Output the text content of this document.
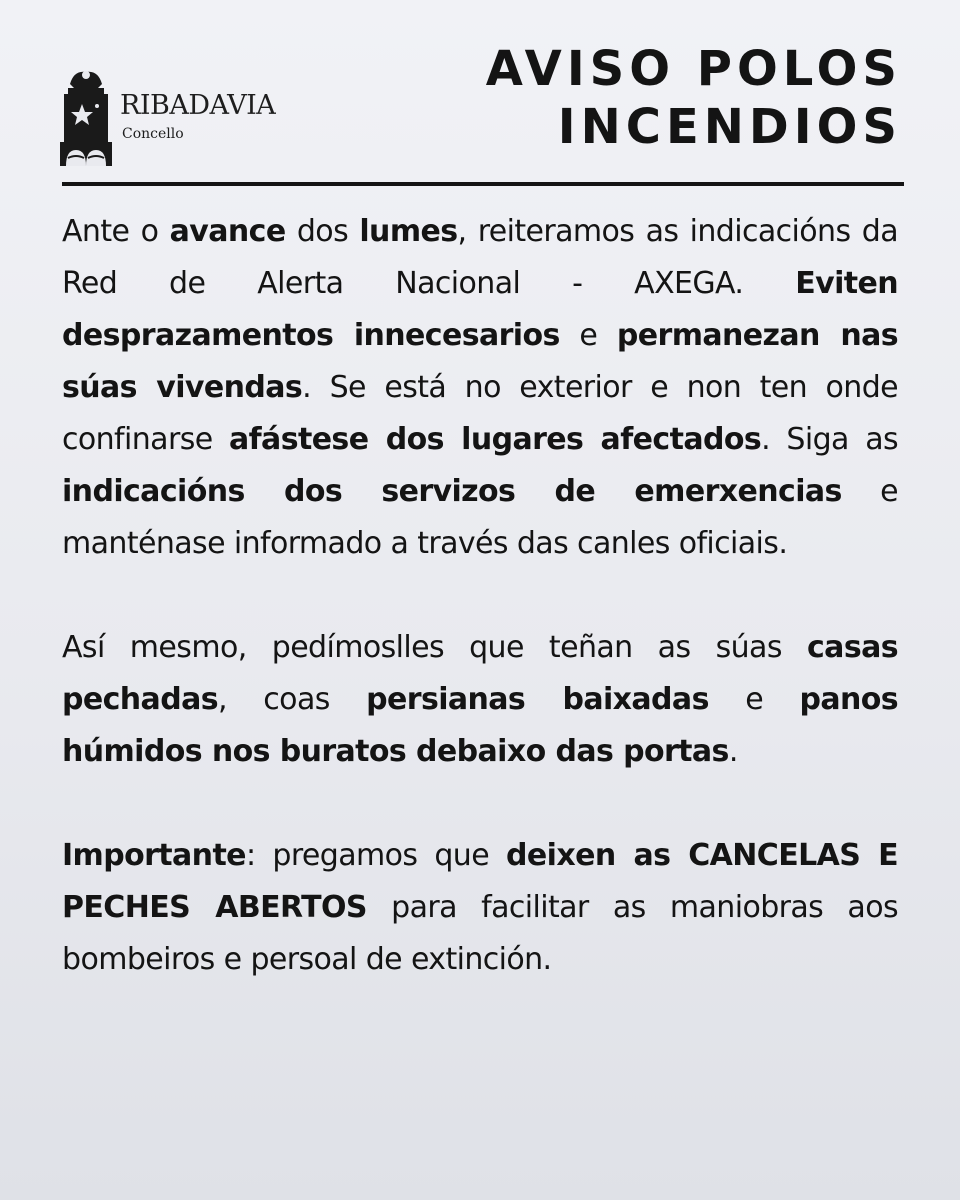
RIBADAVIA
Concello
AVISO POLOS
INCENDIOS

Ante o avance dos lumes, reiteramos as indicacións da Red de Alerta Nacional - AXEGA. Eviten desprazamentos innecesarios e permanezan nas súas vivendas. Se está no exterior e non ten onde confinarse afástese dos lugares afectados. Siga as indicacións dos servizos de emerxencias e manténase informado a través das canles oficiais.

Así mesmo, pedímoslles que teñan as súas casas pechadas, coas persianas baixadas e panos húmidos nos buratos debaixo das portas.

Importante: pregamos que deixen as CANCELAS E PECHES ABERTOS para facilitar as maniobras aos bombeiros e persoal de extinción.
